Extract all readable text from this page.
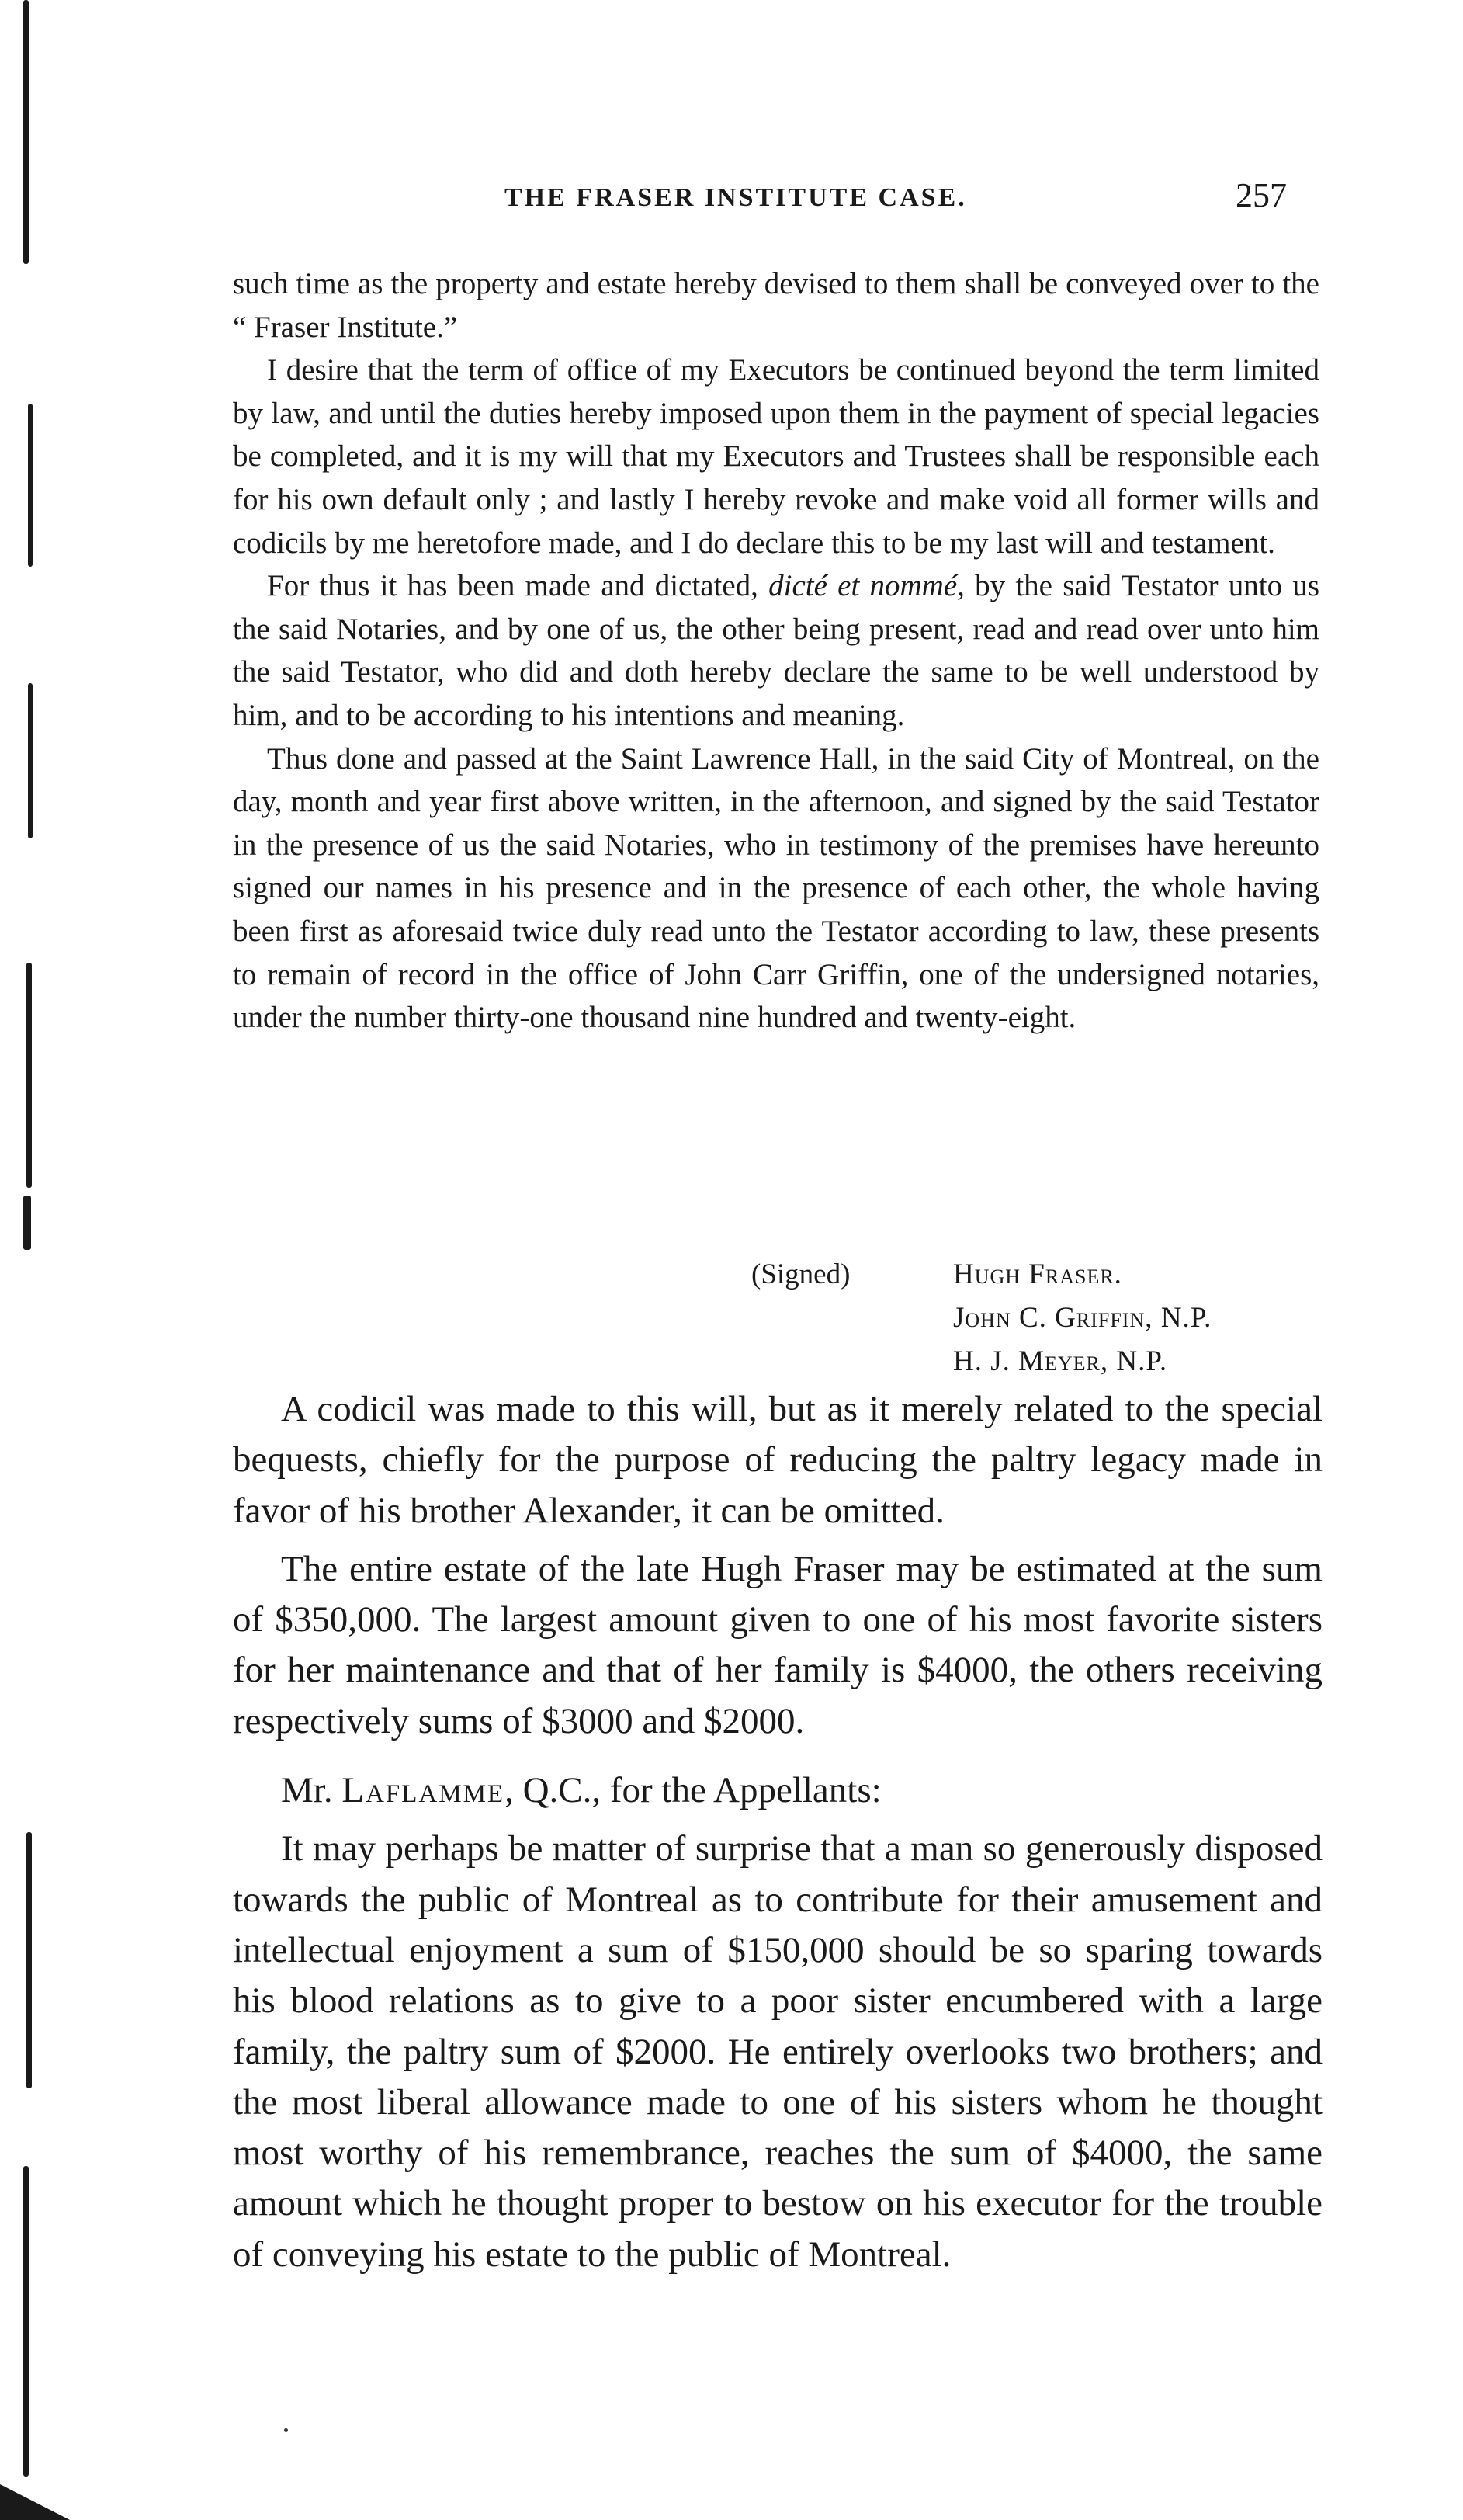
THE FRASER INSTITUTE CASE.	257

such time as the property and estate hereby devised to them shall be conveyed over to the “ Fraser Institute.”

I desire that the term of office of my Executors be continued beyond the term limited by law, and until the duties hereby imposed upon them in the payment of special legacies be completed, and it is my will that my Executors and Trustees shall be responsible each for his own default only ; and lastly I hereby revoke and make void all former wills and codicils by me heretofore made, and I do declare this to be my last will and testament.

For thus it has been made and dictated, dicté et nommé, by the said Testator unto us the said Notaries, and by one of us, the other being present, read and read over unto him the said Testator, who did and doth hereby declare the same to be well understood by him, and to be according to his intentions and meaning.

Thus done and passed at the Saint Lawrence Hall, in the said City of Montreal, on the day, month and year first above written, in the afternoon, and signed by the said Testator in the presence of us the said Notaries, who in testimony of the premises have hereunto signed our names in his presence and in the presence of each other, the whole having been first as aforesaid twice duly read unto the Testator according to law, these presents to remain of record in the office of John Carr Griffin, one of the undersigned notaries, under the number thirty-one thousand nine hundred and twenty-eight.

(Signed)	Hugh Fraser.
John C. Griffin, N.P.
H. J. Meyer, N.P.

A codicil was made to this will, but as it merely related to the special bequests, chiefly for the purpose of reducing the paltry legacy made in favor of his brother Alexander, it can be omitted.

The entire estate of the late Hugh Fraser may be estimated at the sum of $350,000. The largest amount given to one of his most favorite sisters for her maintenance and that of her family is $4000, the others receiving respectively sums of $3000 and $2000.

Mr. Laflamme, Q.C., for the Appellants:

It may perhaps be matter of surprise that a man so generously disposed towards the public of Montreal as to contribute for their amusement and intellectual enjoyment a sum of $150,000 should be so sparing towards his blood relations as to give to a poor sister encumbered with a large family, the paltry sum of $2000. He entirely overlooks two brothers; and the most liberal allowance made to one of his sisters whom he thought most worthy of his remembrance, reaches the sum of $4000, the same amount which he thought proper to bestow on his executor for the trouble of conveying his estate to the public of Montreal.
